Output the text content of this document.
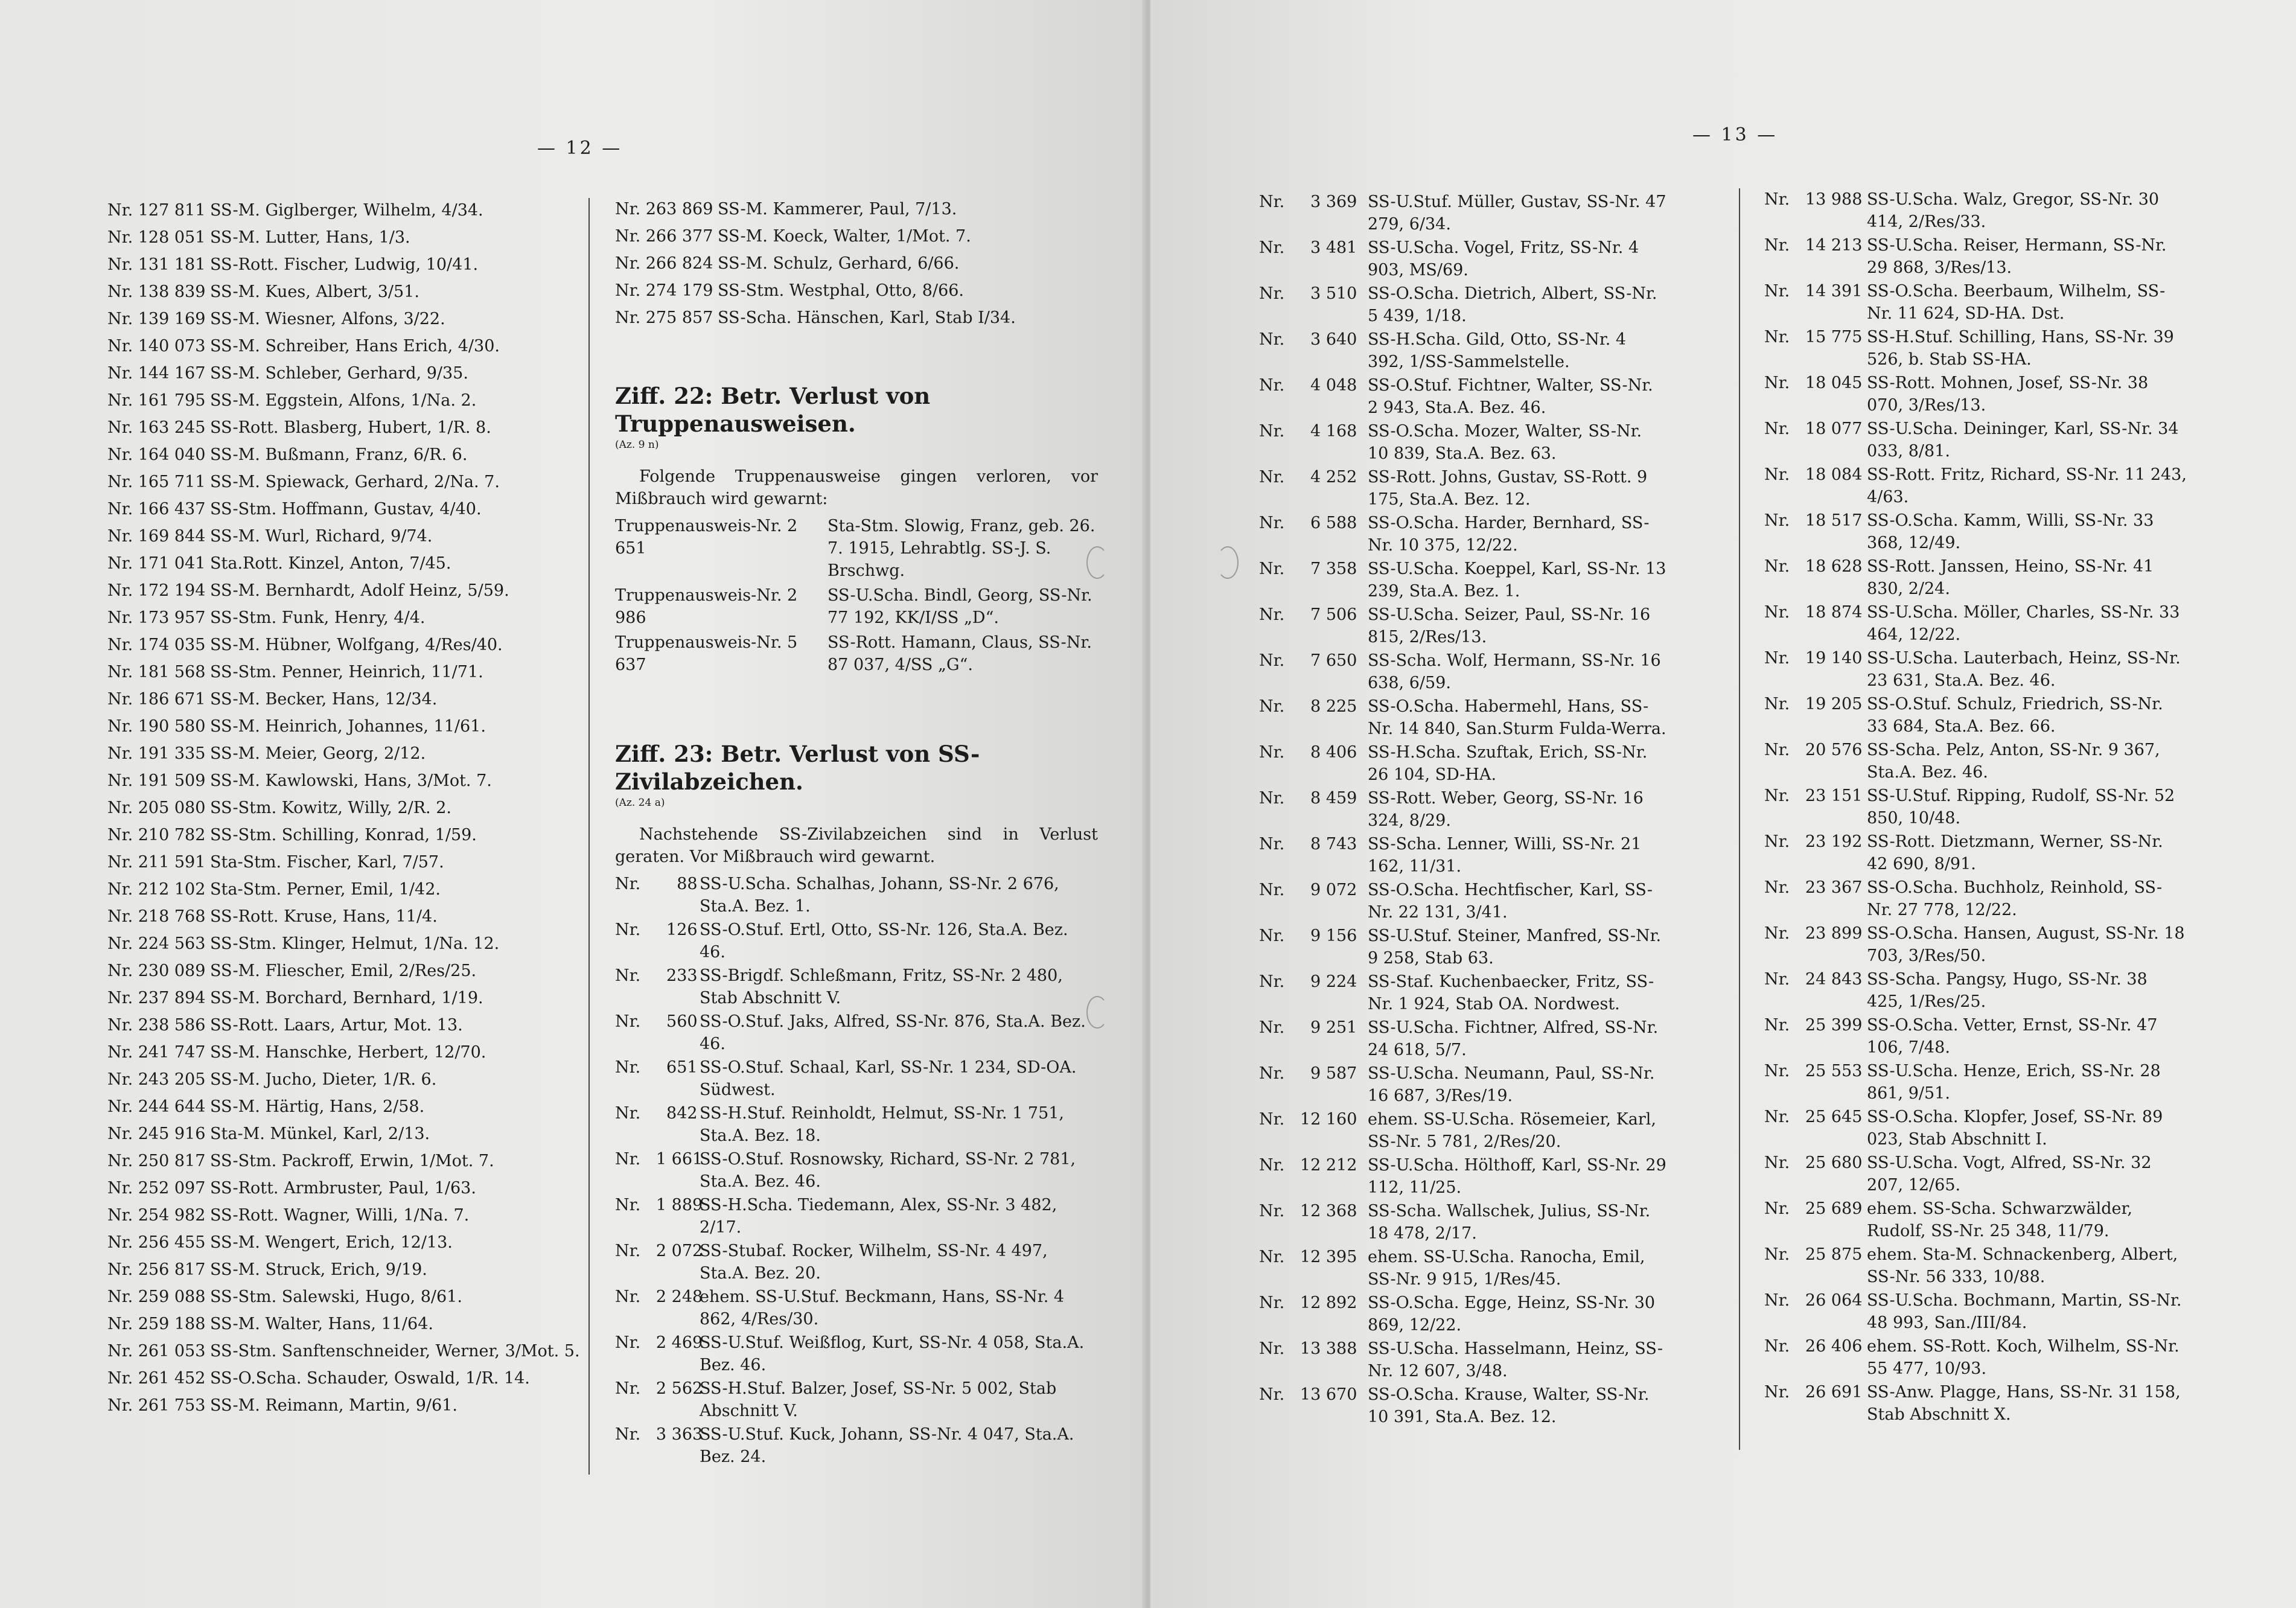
— 12 —
Nr. 127 811 SS-M. Giglberger, Wilhelm, 4/34.
Nr. 128 051 SS-M. Lutter, Hans, 1/3.
Nr. 131 181 SS-Rott. Fischer, Ludwig, 10/41.
Nr. 138 839 SS-M. Kues, Albert, 3/51.
Nr. 139 169 SS-M. Wiesner, Alfons, 3/22.
Nr. 140 073 SS-M. Schreiber, Hans Erich, 4/30.
Nr. 144 167 SS-M. Schleber, Gerhard, 9/35.
Nr. 161 795 SS-M. Eggstein, Alfons, 1/Na. 2.
Nr. 163 245 SS-Rott. Blasberg, Hubert, 1/R. 8.
Nr. 164 040 SS-M. Bußmann, Franz, 6/R. 6.
Nr. 165 711 SS-M. Spiewack, Gerhard, 2/Na. 7.
Nr. 166 437 SS-Stm. Hoffmann, Gustav, 4/40.
Nr. 169 844 SS-M. Wurl, Richard, 9/74.
Nr. 171 041 Sta.Rott. Kinzel, Anton, 7/45.
Nr. 172 194 SS-M. Bernhardt, Adolf Heinz, 5/59.
Nr. 173 957 SS-Stm. Funk, Henry, 4/4.
Nr. 174 035 SS-M. Hübner, Wolfgang, 4/Res/40.
Nr. 181 568 SS-Stm. Penner, Heinrich, 11/71.
Nr. 186 671 SS-M. Becker, Hans, 12/34.
Nr. 190 580 SS-M. Heinrich, Johannes, 11/61.
Nr. 191 335 SS-M. Meier, Georg, 2/12.
Nr. 191 509 SS-M. Kawlowski, Hans, 3/Mot. 7.
Nr. 205 080 SS-Stm. Kowitz, Willy, 2/R. 2.
Nr. 210 782 SS-Stm. Schilling, Konrad, 1/59.
Nr. 211 591 Sta-Stm. Fischer, Karl, 7/57.
Nr. 212 102 Sta-Stm. Perner, Emil, 1/42.
Nr. 218 768 SS-Rott. Kruse, Hans, 11/4.
Nr. 224 563 SS-Stm. Klinger, Helmut, 1/Na. 12.
Nr. 230 089 SS-M. Fliescher, Emil, 2/Res/25.
Nr. 237 894 SS-M. Borchard, Bernhard, 1/19.
Nr. 238 586 SS-Rott. Laars, Artur, Mot. 13.
Nr. 241 747 SS-M. Hanschke, Herbert, 12/70.
Nr. 243 205 SS-M. Jucho, Dieter, 1/R. 6.
Nr. 244 644 SS-M. Härtig, Hans, 2/58.
Nr. 245 916 Sta-M. Münkel, Karl, 2/13.
Nr. 250 817 SS-Stm. Packroff, Erwin, 1/Mot. 7.
Nr. 252 097 SS-Rott. Armbruster, Paul, 1/63.
Nr. 254 982 SS-Rott. Wagner, Willi, 1/Na. 7.
Nr. 256 455 SS-M. Wengert, Erich, 12/13.
Nr. 256 817 SS-M. Struck, Erich, 9/19.
Nr. 259 088 SS-Stm. Salewski, Hugo, 8/61.
Nr. 259 188 SS-M. Walter, Hans, 11/64.
Nr. 261 053 SS-Stm. Sanftenschneider, Werner, 3/Mot. 5.
Nr. 261 452 SS-O.Scha. Schauder, Oswald, 1/R. 14.
Nr. 261 753 SS-M. Reimann, Martin, 9/61.
Nr. 263 869 SS-M. Kammerer, Paul, 7/13.
Nr. 266 377 SS-M. Koeck, Walter, 1/Mot. 7.
Nr. 266 824 SS-M. Schulz, Gerhard, 6/66.
Nr. 274 179 SS-Stm. Westphal, Otto, 8/66.
Nr. 275 857 SS-Scha. Hänschen, Karl, Stab I/34.
Ziff. 22: Betr. Verlust von Truppenausweisen.
(Az. 9 n)

Folgende Truppenausweise gingen verloren, vor Mißbrauch wird gewarnt:

Truppenausweis-Nr. 2 651
Sta-Stm. Slowig, Franz, geb. 26. 7. 1915, Lehrabtlg. SS-J. S. Brschwg.
Truppenausweis-Nr. 2 986
SS-U.Scha. Bindl, Georg, SS-Nr. 77 192, KK/I/SS „D“.
Truppenausweis-Nr. 5 637
SS-Rott. Hamann, Claus, SS-Nr. 87 037, 4/SS „G“.
Ziff. 23: Betr. Verlust von SS-Zivilabzeichen.
(Az. 24 a)

Nachstehende SS-Zivilabzeichen sind in Verlust geraten. Vor Mißbrauch wird gewarnt.

Nr.       88 SS-U.Scha. Schalhas, Johann, SS-Nr. 2 676, Sta.A. Bez. 1.
Nr.     126 SS-O.Stuf. Ertl, Otto, SS-Nr. 126, Sta.A. Bez. 46.
Nr.     233 SS-Brigdf. Schleßmann, Fritz, SS-Nr. 2 480, Stab Abschnitt V.
Nr.     560 SS-O.Stuf. Jaks, Alfred, SS-Nr. 876, Sta.A. Bez. 46.
Nr.     651 SS-O.Stuf. Schaal, Karl, SS-Nr. 1 234, SD-OA. Südwest.
Nr.     842 SS-H.Stuf. Reinholdt, Helmut, SS-Nr. 1 751, Sta.A. Bez. 18.
Nr.   1 661
SS-O.Stuf. Rosnowsky, Richard, SS-Nr. 2 781, Sta.A. Bez. 46.
Nr.   1 889
SS-H.Scha. Tiedemann, Alex, SS-Nr. 3 482, 2/17.
Nr.   2 072
SS-Stubaf. Rocker, Wilhelm, SS-Nr. 4 497, Sta.A. Bez. 20.
Nr.   2 248
ehem. SS-U.Stuf. Beckmann, Hans, SS-Nr. 4 862, 4/Res/30.
Nr.   2 469
SS-U.Stuf. Weißflog, Kurt, SS-Nr. 4 058, Sta.A. Bez. 46.
Nr.   2 562
SS-H.Stuf. Balzer, Josef, SS-Nr. 5 002, Stab Abschnitt V.
Nr.   3 363
SS-U.Stuf. Kuck, Johann, SS-Nr. 4 047, Sta.A. Bez. 24.
— 13 —
Nr.     3 369 SS-U.Stuf. Müller, Gustav, SS-Nr. 47 279, 6/34.
Nr.     3 481 SS-U.Scha. Vogel, Fritz, SS-Nr. 4 903, MS/69.
Nr.     3 510 SS-O.Scha. Dietrich, Albert, SS-Nr. 5 439, 1/18.
Nr.     3 640 SS-H.Scha. Gild, Otto, SS-Nr. 4 392, 1/SS-Sammelstelle.
Nr.     4 048 SS-O.Stuf. Fichtner, Walter, SS-Nr. 2 943, Sta.A. Bez. 46.
Nr.     4 168 SS-O.Scha. Mozer, Walter, SS-Nr. 10 839, Sta.A. Bez. 63.
Nr.     4 252 SS-Rott. Johns, Gustav, SS-Rott. 9 175, Sta.A. Bez. 12.
Nr.     6 588 SS-O.Scha. Harder, Bernhard, SS-Nr. 10 375, 12/22.
Nr.     7 358 SS-U.Scha. Koeppel, Karl, SS-Nr. 13 239, Sta.A. Bez. 1.
Nr.     7 506 SS-U.Scha. Seizer, Paul, SS-Nr. 16 815, 2/Res/13.
Nr.     7 650 SS-Scha. Wolf, Hermann, SS-Nr. 16 638, 6/59.
Nr.     8 225 SS-O.Scha. Habermehl, Hans, SS-Nr. 14 840, San.Sturm Fulda-Werra.
Nr.     8 406 SS-H.Scha. Szuftak, Erich, SS-Nr. 26 104, SD-HA.
Nr.     8 459 SS-Rott. Weber, Georg, SS-Nr. 16 324, 8/29.
Nr.     8 743 SS-Scha. Lenner, Willi, SS-Nr. 21 162, 11/31.
Nr.     9 072 SS-O.Scha. Hechtfischer, Karl, SS-Nr. 22 131, 3/41.
Nr.     9 156 SS-U.Stuf. Steiner, Manfred, SS-Nr. 9 258, Stab 63.
Nr.     9 224 SS-Staf. Kuchenbaecker, Fritz, SS-Nr. 1 924, Stab OA. Nordwest.
Nr.     9 251 SS-U.Scha. Fichtner, Alfred, SS-Nr. 24 618, 5/7.
Nr.     9 587 SS-U.Scha. Neumann, Paul, SS-Nr. 16 687, 3/Res/19.
Nr.   12 160 ehem. SS-U.Scha. Rösemeier, Karl, SS-Nr. 5 781, 2/Res/20.
Nr.   12 212 SS-U.Scha. Hölthoff, Karl, SS-Nr. 29 112, 11/25.
Nr.   12 368 SS-Scha. Wallschek, Julius, SS-Nr. 18 478, 2/17.
Nr.   12 395 ehem. SS-U.Scha. Ranocha, Emil, SS-Nr. 9 915, 1/Res/45.
Nr.   12 892 SS-O.Scha. Egge, Heinz, SS-Nr. 30 869, 12/22.
Nr.   13 388 SS-U.Scha. Hasselmann, Heinz, SS-Nr. 12 607, 3/48.
Nr.   13 670 SS-O.Scha. Krause, Walter, SS-Nr. 10 391, Sta.A. Bez. 12.
Nr.   13 988 SS-U.Scha. Walz, Gregor, SS-Nr. 30 414, 2/Res/33.
Nr.   14 213 SS-U.Scha. Reiser, Hermann, SS-Nr. 29 868, 3/Res/13.
Nr.   14 391 SS-O.Scha. Beerbaum, Wilhelm, SS-Nr. 11 624, SD-HA. Dst.
Nr.   15 775 SS-H.Stuf. Schilling, Hans, SS-Nr. 39 526, b. Stab SS-HA.
Nr.   18 045 SS-Rott. Mohnen, Josef, SS-Nr. 38 070, 3/Res/13.
Nr.   18 077 SS-U.Scha. Deininger, Karl, SS-Nr. 34 033, 8/81.
Nr.   18 084 SS-Rott. Fritz, Richard, SS-Nr. 11 243, 4/63.
Nr.   18 517 SS-O.Scha. Kamm, Willi, SS-Nr. 33 368, 12/49.
Nr.   18 628 SS-Rott. Janssen, Heino, SS-Nr. 41 830, 2/24.
Nr.   18 874 SS-U.Scha. Möller, Charles, SS-Nr. 33 464, 12/22.
Nr.   19 140 SS-U.Scha. Lauterbach, Heinz, SS-Nr. 23 631, Sta.A. Bez. 46.
Nr.   19 205 SS-O.Stuf. Schulz, Friedrich, SS-Nr. 33 684, Sta.A. Bez. 66.
Nr.   20 576 SS-Scha. Pelz, Anton, SS-Nr. 9 367, Sta.A. Bez. 46.
Nr.   23 151 SS-U.Stuf. Ripping, Rudolf, SS-Nr. 52 850, 10/48.
Nr.   23 192 SS-Rott. Dietzmann, Werner, SS-Nr. 42 690, 8/91.
Nr.   23 367 SS-O.Scha. Buchholz, Reinhold, SS-Nr. 27 778, 12/22.
Nr.   23 899 SS-O.Scha. Hansen, August, SS-Nr. 18 703, 3/Res/50.
Nr.   24 843 SS-Scha. Pangsy, Hugo, SS-Nr. 38 425, 1/Res/25.
Nr.   25 399 SS-O.Scha. Vetter, Ernst, SS-Nr. 47 106, 7/48.
Nr.   25 553 SS-U.Scha. Henze, Erich, SS-Nr. 28 861, 9/51.
Nr.   25 645 SS-O.Scha. Klopfer, Josef, SS-Nr. 89 023, Stab Abschnitt I.
Nr.   25 680 SS-U.Scha. Vogt, Alfred, SS-Nr. 32 207, 12/65.
Nr.   25 689 ehem. SS-Scha. Schwarzwälder, Rudolf, SS-Nr. 25 348, 11/79.
Nr.   25 875 ehem. Sta-M. Schnackenberg, Albert, SS-Nr. 56 333, 10/88.
Nr.   26 064 SS-U.Scha. Bochmann, Martin, SS-Nr. 48 993, San./III/84.
Nr.   26 406 ehem. SS-Rott. Koch, Wilhelm, SS-Nr. 55 477, 10/93.
Nr.   26 691 SS-Anw. Plagge, Hans, SS-Nr. 31 158, Stab Abschnitt X.
